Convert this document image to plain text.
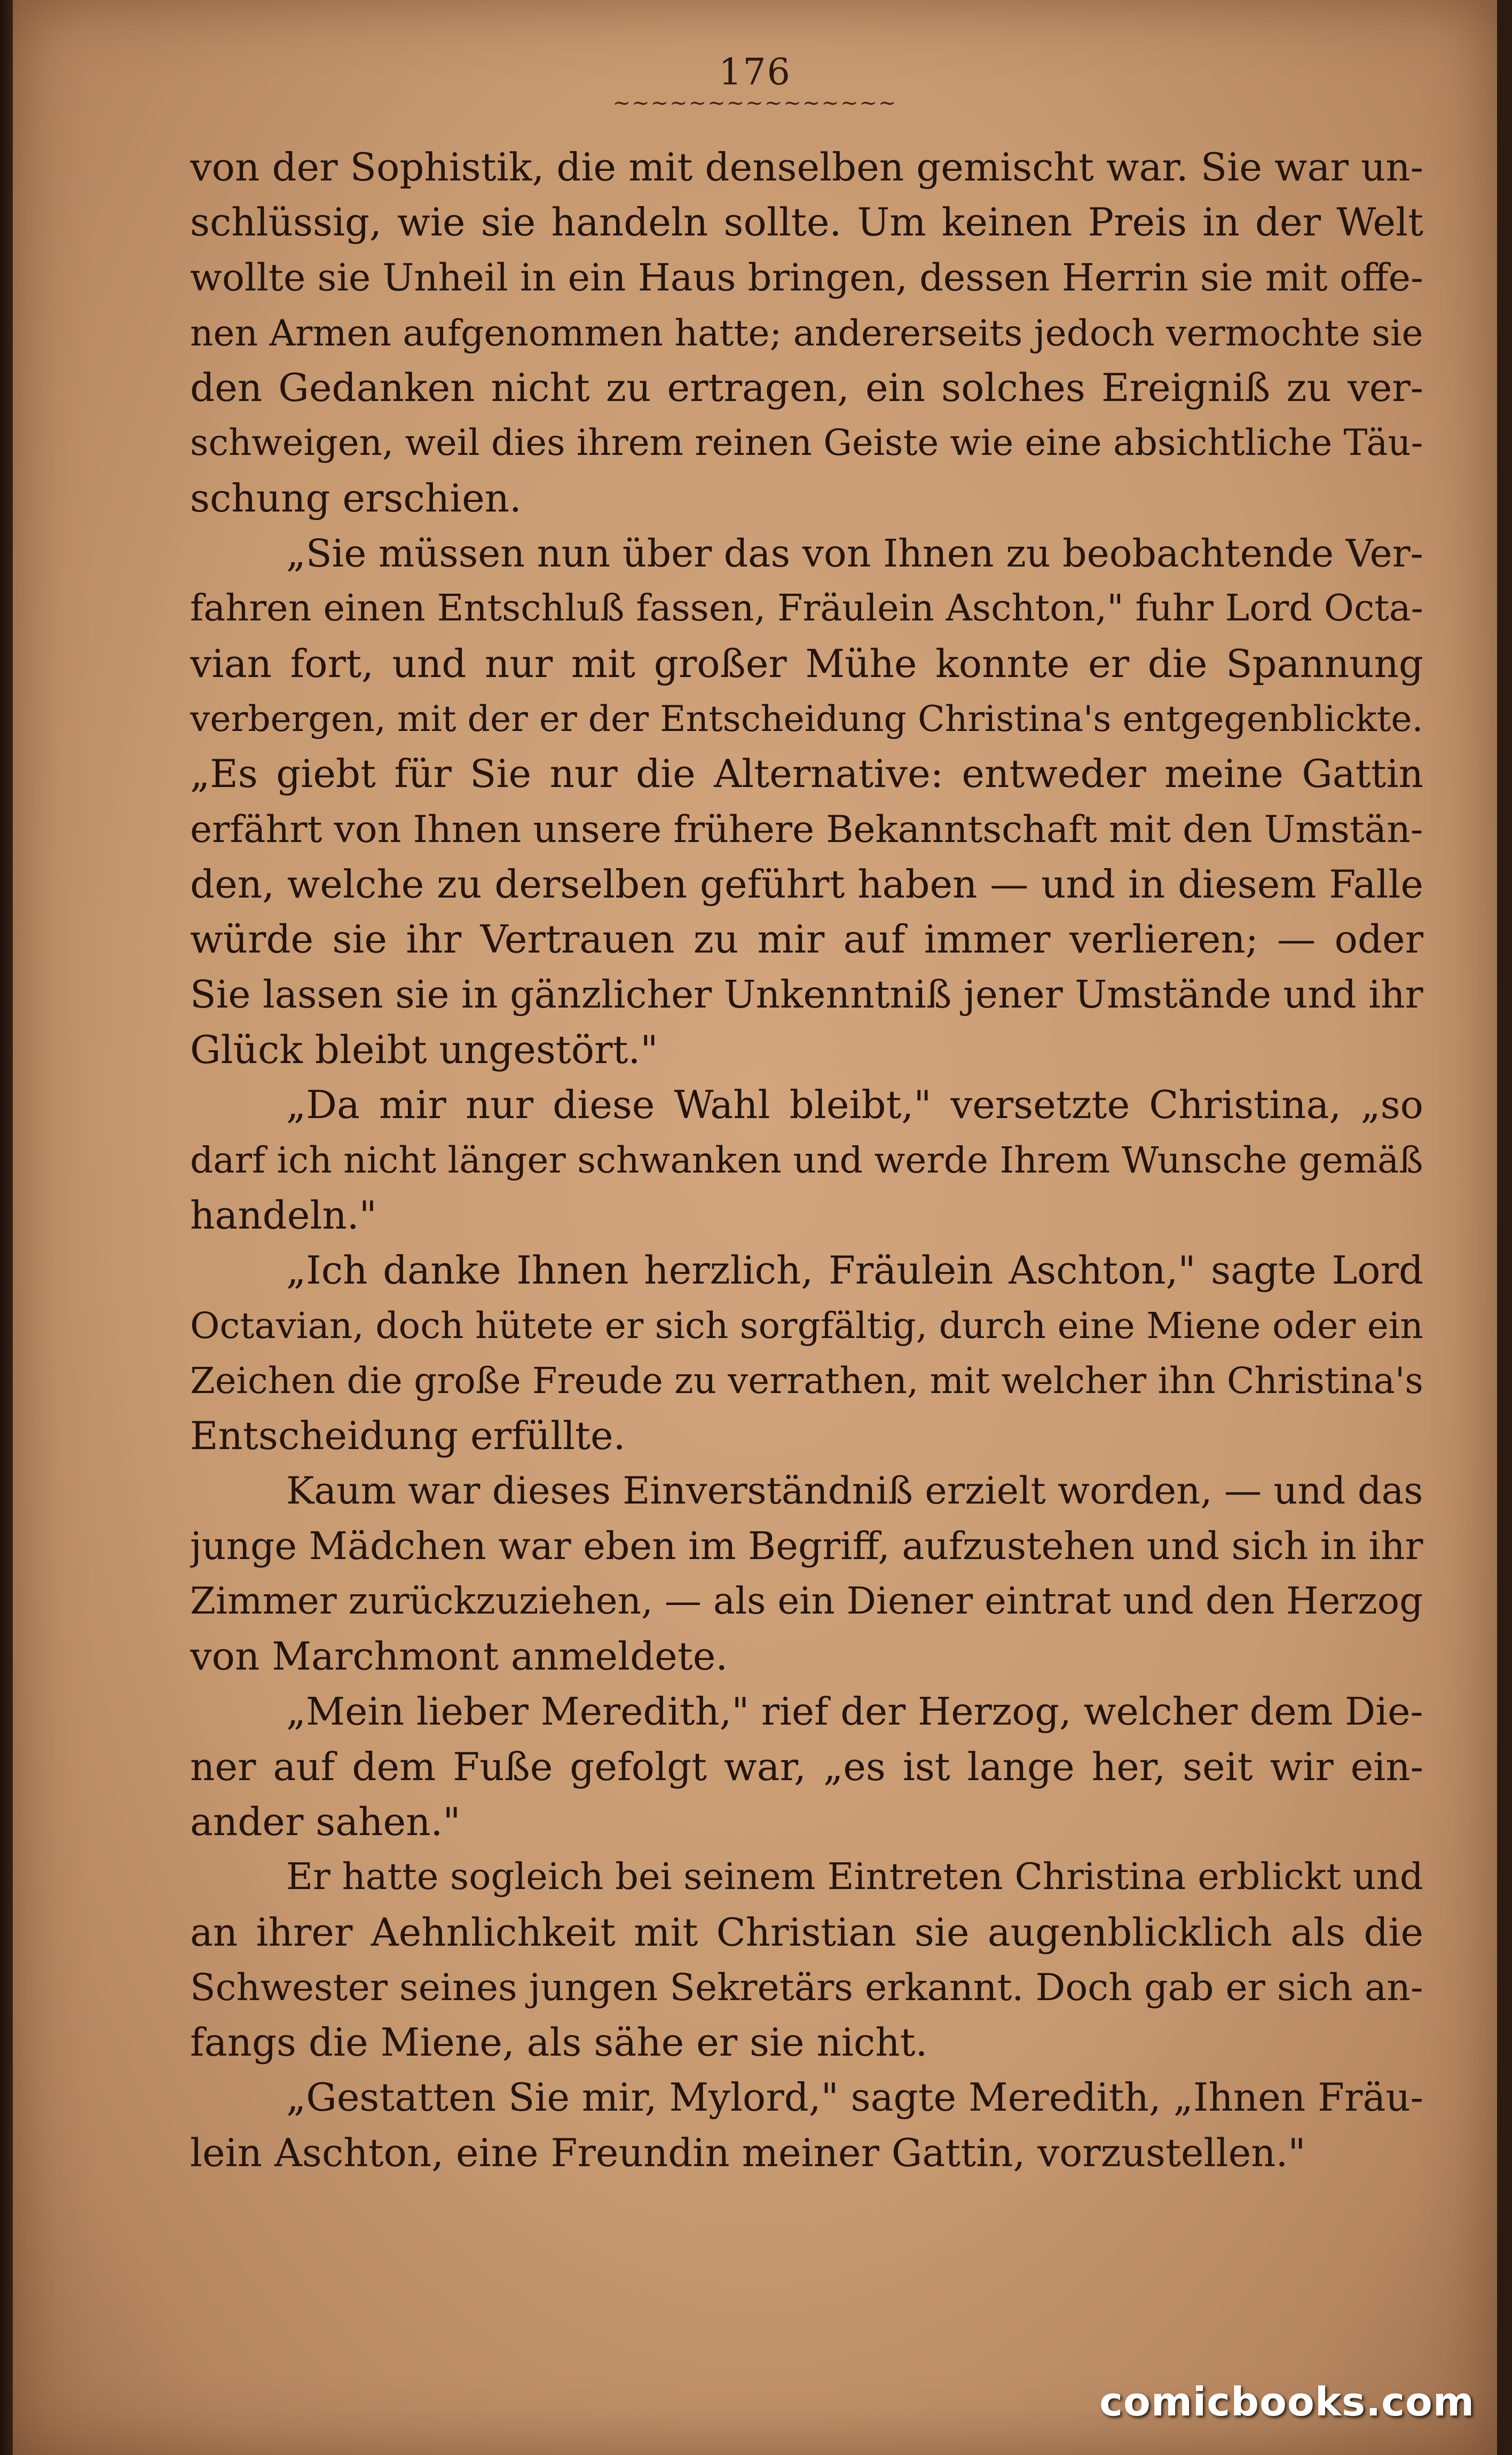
176
~~~~~~~~~~~~~~~
von der Sophistik, die mit denselben gemischt war. Sie war un-
schlüssig, wie sie handeln sollte. Um keinen Preis in der Welt
wollte sie Unheil in ein Haus bringen, dessen Herrin sie mit offe-
nen Armen aufgenommen hatte; andererseits jedoch vermochte sie
den Gedanken nicht zu ertragen, ein solches Ereigniß zu ver-
schweigen, weil dies ihrem reinen Geiste wie eine absichtliche Täu-
schung erschien.
„Sie müssen nun über das von Ihnen zu beobachtende Ver-
fahren einen Entschluß fassen, Fräulein Aschton," fuhr Lord Octa-
vian fort, und nur mit großer Mühe konnte er die Spannung
verbergen, mit der er der Entscheidung Christina's entgegenblickte.
„Es giebt für Sie nur die Alternative: entweder meine Gattin
erfährt von Ihnen unsere frühere Bekanntschaft mit den Umstän-
den, welche zu derselben geführt haben — und in diesem Falle
würde sie ihr Vertrauen zu mir auf immer verlieren; — oder
Sie lassen sie in gänzlicher Unkenntniß jener Umstände und ihr
Glück bleibt ungestört."
„Da mir nur diese Wahl bleibt," versetzte Christina, „so
darf ich nicht länger schwanken und werde Ihrem Wunsche gemäß
handeln."
„Ich danke Ihnen herzlich, Fräulein Aschton," sagte Lord
Octavian, doch hütete er sich sorgfältig, durch eine Miene oder ein
Zeichen die große Freude zu verrathen, mit welcher ihn Christina's
Entscheidung erfüllte.
Kaum war dieses Einverständniß erzielt worden, — und das
junge Mädchen war eben im Begriff, aufzustehen und sich in ihr
Zimmer zurückzuziehen, — als ein Diener eintrat und den Herzog
von Marchmont anmeldete.
„Mein lieber Meredith," rief der Herzog, welcher dem Die-
ner auf dem Fuße gefolgt war, „es ist lange her, seit wir ein-
ander sahen."
Er hatte sogleich bei seinem Eintreten Christina erblickt und
an ihrer Aehnlichkeit mit Christian sie augenblicklich als die
Schwester seines jungen Sekretärs erkannt. Doch gab er sich an-
fangs die Miene, als sähe er sie nicht.
„Gestatten Sie mir, Mylord," sagte Meredith, „Ihnen Fräu-
lein Aschton, eine Freundin meiner Gattin, vorzustellen."
comicbooks.com
